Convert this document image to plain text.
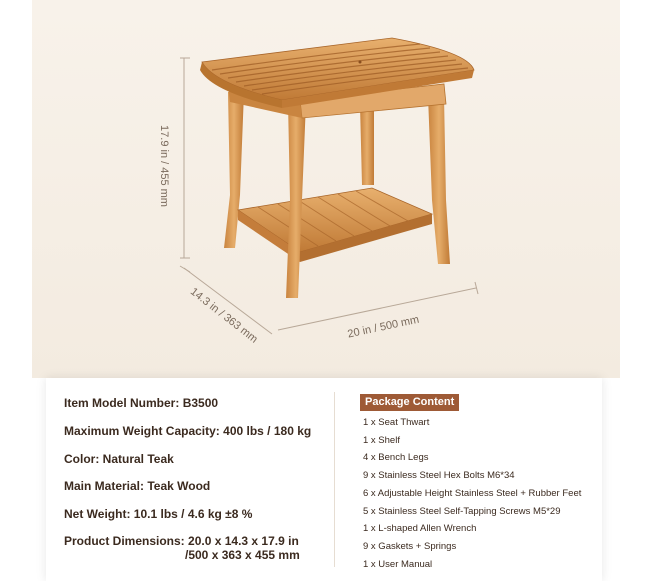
17.9 in / 455 mm
14.3 in / 363 mm	20 in / 500 mm
Item Model Number: B3500
Maximum Weight Capacity: 400 lbs / 180 kg
Color: Natural Teak
Main Material: Teak Wood
Net Weight: 10.1 lbs / 4.6 kg ±8 %
Product Dimensions: 20.0 x 14.3 x 17.9 in
/500 x 363 x 455 mm
Package Content
1 x Seat Thwart
1 x Shelf
4 x Bench Legs
9 x Stainless Steel Hex Bolts M6*34
6 x Adjustable Height Stainless Steel + Rubber Feet
5 x Stainless Steel Self-Tapping Screws M5*29
1 x L-shaped Allen Wrench
9 x Gaskets + Springs
1 x User Manual
